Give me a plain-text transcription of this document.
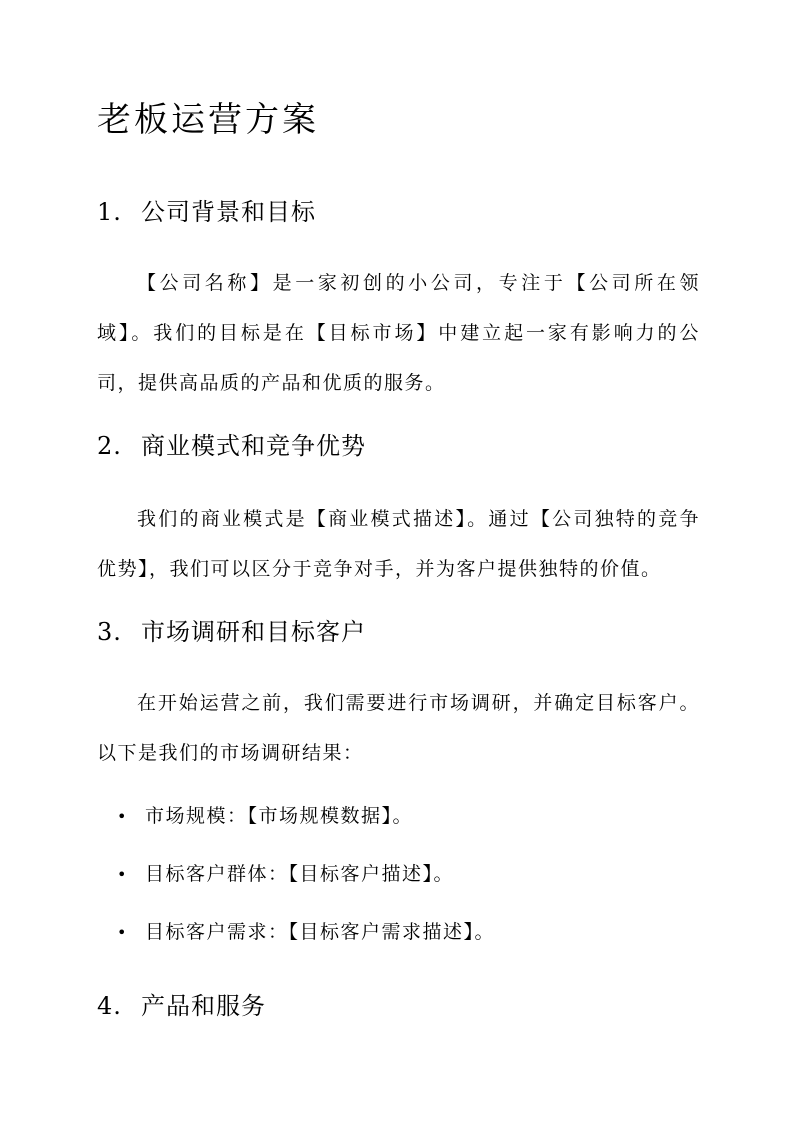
老板运营方案
1. 公司背景和目标

【公司名称】是一家初创的小公司，专注于【公司所在领域】。我们的目标是在【目标市场】中建立起一家有影响力的公司，提供高品质的产品和优质的服务。

2. 商业模式和竞争优势

我们的商业模式是【商业模式描述】。通过【公司独特的竞争优势】，我们可以区分于竞争对手，并为客户提供独特的价值。

3. 市场调研和目标客户

在开始运营之前，我们需要进行市场调研，并确定目标客户。以下是我们的市场调研结果：

• 市场规模：【市场规模数据】。
• 目标客户群体：【目标客户描述】。
• 目标客户需求：【目标客户需求描述】。
4. 产品和服务
